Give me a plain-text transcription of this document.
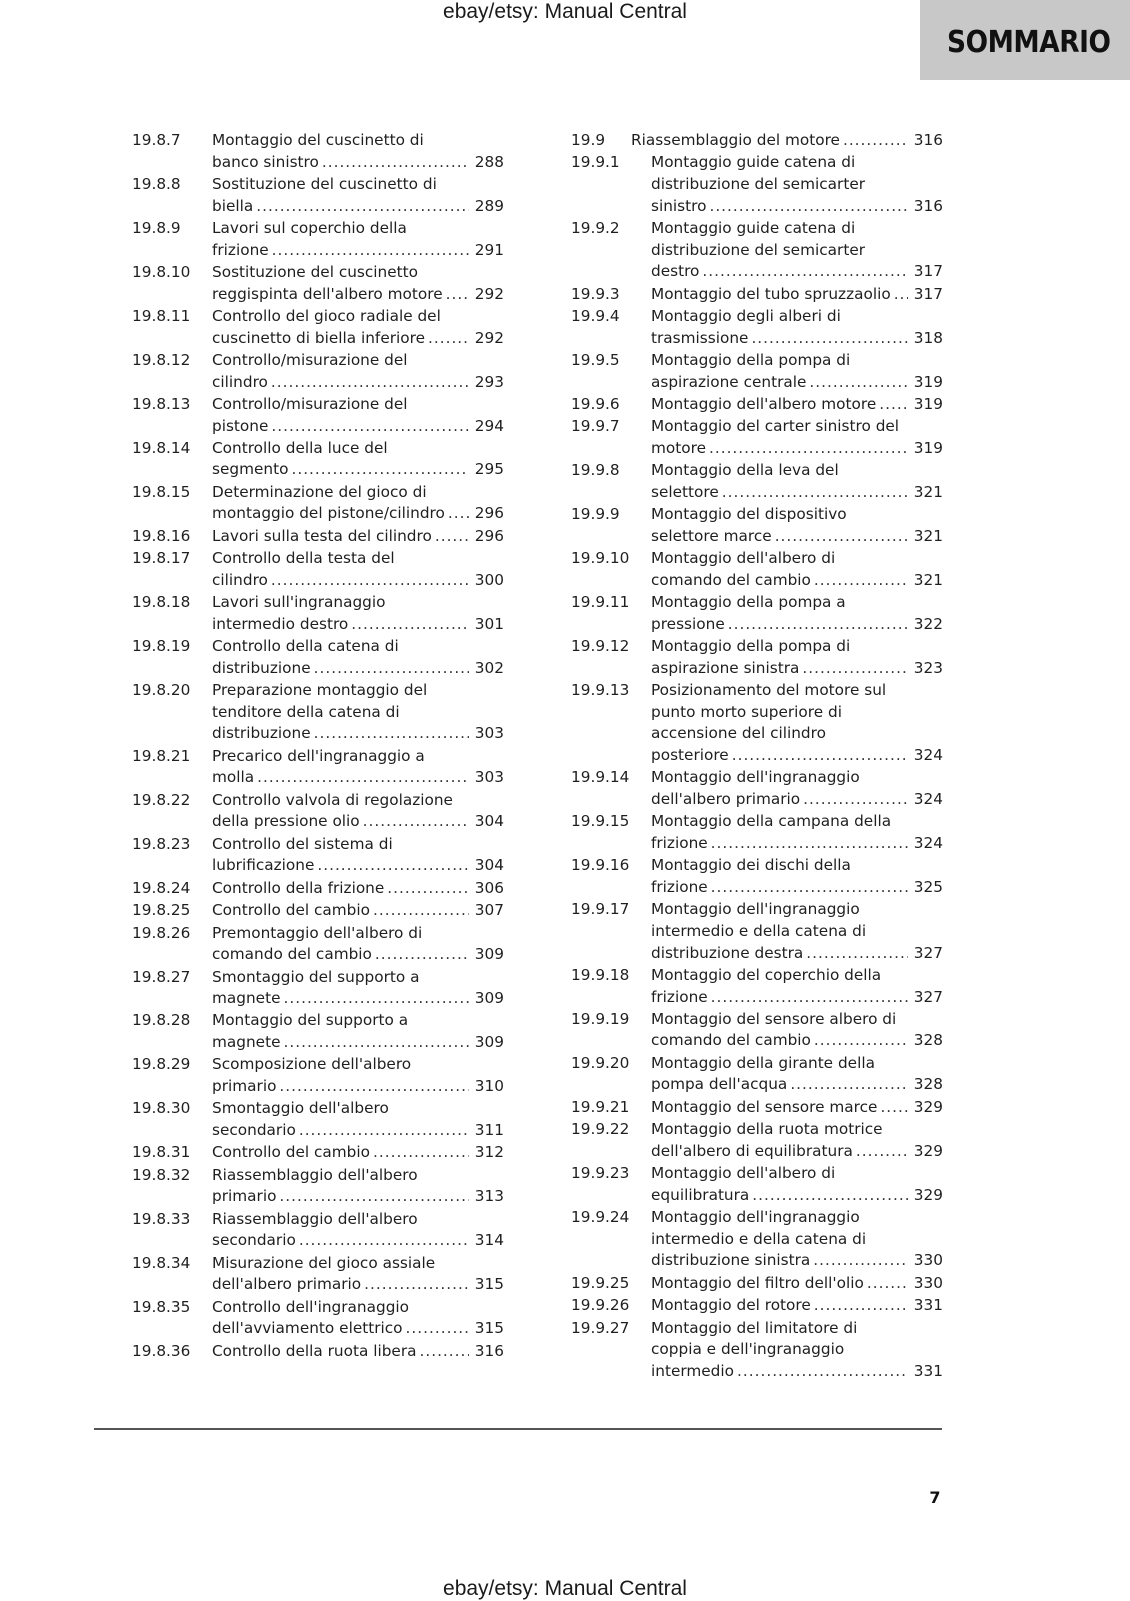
ebay/etsy: Manual Central
SOMMARIO
19.8.7	Montaggio del cuscinetto di
banco sinistro .....	288
19.8.8	Sostituzione del cuscinetto di
biella .....	289
19.8.9	Lavori sul coperchio della
frizione .....	291
19.8.10	Sostituzione del cuscinetto
reggispinta dell'albero motore ..... 292
19.8.11	Controllo del gioco radiale del
cuscinetto di biella inferiore .....	292
19.8.12	Controllo/misurazione del
cilindro .....	293
19.8.13	Controllo/misurazione del
pistone .....	294
19.8.14	Controllo della luce del
segmento .....	295
19.8.15	Determinazione del gioco di
montaggio del pistone/cilindro ..... 296
19.8.16	Lavori sulla testa del cilindro .....	296
19.8.17	Controllo della testa del
cilindro .....	300
19.8.18	Lavori sull'ingranaggio
intermedio destro .....	301
19.8.19	Controllo della catena di
distribuzione .....	302
19.8.20	Preparazione montaggio del
tenditore della catena di
distribuzione .....	303
19.8.21	Precarico dell'ingranaggio a
molla .....	303
19.8.22	Controllo valvola di regolazione
della pressione olio .....	304
19.8.23	Controllo del sistema di
lubrificazione .....	304
19.8.24	Controllo della frizione .....	306
19.8.25	Controllo del cambio .....	307
19.8.26	Premontaggio dell'albero di
comando del cambio .....	309
19.8.27	Smontaggio del supporto a
magnete .....	309
19.8.28	Montaggio del supporto a
magnete .....	309
19.8.29	Scomposizione dell'albero
primario .....	310
19.8.30	Smontaggio dell'albero
secondario .....	311
19.8.31	Controllo del cambio .....	312
19.8.32	Riassemblaggio dell'albero
primario .....	313
19.8.33	Riassemblaggio dell'albero
secondario .....	314
19.8.34	Misurazione del gioco assiale
dell'albero primario .....	315
19.8.35	Controllo dell'ingranaggio
dell'avviamento elettrico .....	315
19.8.36	Controllo della ruota libera .....	316
19.9	Riassemblaggio del motore .....	316
19.9.1	Montaggio guide catena di
distribuzione del semicarter
sinistro .....	316
19.9.2	Montaggio guide catena di
distribuzione del semicarter
destro .....	317
19.9.3	Montaggio del tubo spruzzaolio ..... 317
19.9.4	Montaggio degli alberi di
trasmissione .....	318
19.9.5	Montaggio della pompa di
aspirazione centrale .....	319
19.9.6	Montaggio dell'albero motore ..... 319
19.9.7	Montaggio del carter sinistro del
motore .....	319
19.9.8	Montaggio della leva del
selettore .....	321
19.9.9	Montaggio del dispositivo
selettore marce .....	321
19.9.10	Montaggio dell'albero di
comando del cambio .....	321
19.9.11	Montaggio della pompa a
pressione .....	322
19.9.12	Montaggio della pompa di
aspirazione sinistra .....	323
19.9.13	Posizionamento del motore sul
punto morto superiore di
accensione del cilindro
posteriore .....	324
19.9.14	Montaggio dell'ingranaggio
dell'albero primario .....	324
19.9.15	Montaggio della campana della
frizione .....	324
19.9.16	Montaggio dei dischi della
frizione .....	325
19.9.17	Montaggio dell'ingranaggio
intermedio e della catena di
distribuzione destra .....	327
19.9.18	Montaggio del coperchio della
frizione .....	327
19.9.19	Montaggio del sensore albero di
comando del cambio .....	328
19.9.20	Montaggio della girante della
pompa dell'acqua .....	328
19.9.21	Montaggio del sensore marce ..... 329
19.9.22	Montaggio della ruota motrice
dell'albero di equilibratura .....	329
19.9.23	Montaggio dell'albero di
equilibratura .....	329
19.9.24	Montaggio dell'ingranaggio
intermedio e della catena di
distribuzione sinistra .....	330
19.9.25	Montaggio del filtro dell'olio .....	330
19.9.26	Montaggio del rotore .....	331
19.9.27	Montaggio del limitatore di
coppia e dell'ingranaggio
intermedio .....	331
7
ebay/etsy: Manual Central
